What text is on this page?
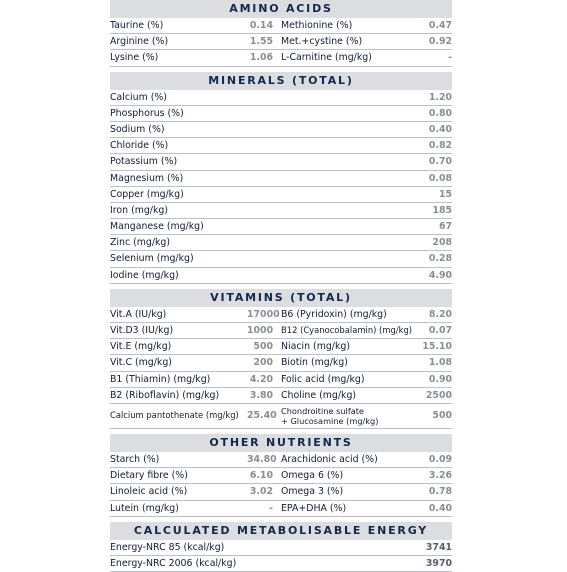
AMINO ACIDS
Taurine (%)	0.14 Methionine (%)	0.47
Arginine (%)	1.55 Met.+cystine (%)	0.92
Lysine (%)	1.06 L-Carnitine (mg/kg)	-
MINERALS (TOTAL)
Calcium (%)	1.20
Phosphorus (%)	0.80
Sodium (%)	0.40
Chloride (%)	0.82
Potassium (%)	0.70
Magnesium (%)	0.08
Copper (mg/kg)	15
Iron (mg/kg)	185
Manganese (mg/kg)	67
Zinc (mg/kg)	208
Selenium (mg/kg)	0.28
Iodine (mg/kg)	4.90
VITAMINS (TOTAL)
Vit.A (IU/kg)	17000 B6 (Pyridoxin) (mg/kg)	8.20
Vit.D3 (IU/kg)	1000 B12 (Cyanocobalamin) (mg/kg)	0.07
Vit.E (mg/kg)	500 Niacin (mg/kg)	15.10
Vit.C (mg/kg)	200 Biotin (mg/kg)	1.08
B1 (Thiamin) (mg/kg)	4.20 Folic acid (mg/kg)	0.90
B2 (Riboflavin) (mg/kg)	3.80 Choline (mg/kg)	2500
Calcium pantothenate (mg/kg) 25.40 Chondroitine sulfate
+ Glucosamine (mg/kg)	500
OTHER NUTRIENTS
Starch (%)	34.80 Arachidonic acid (%)	0.09
Dietary fibre (%)	6.10 Omega 6 (%)	3.26
Linoleic acid (%)	3.02 Omega 3 (%)	0.78
Lutein (mg/kg)	- EPA+DHA (%)	0.40
CALCULATED METABOLISABLE ENERGY
Energy-NRC 85 (kcal/kg)	3741
Energy-NRC 2006 (kcal/kg)	3970
